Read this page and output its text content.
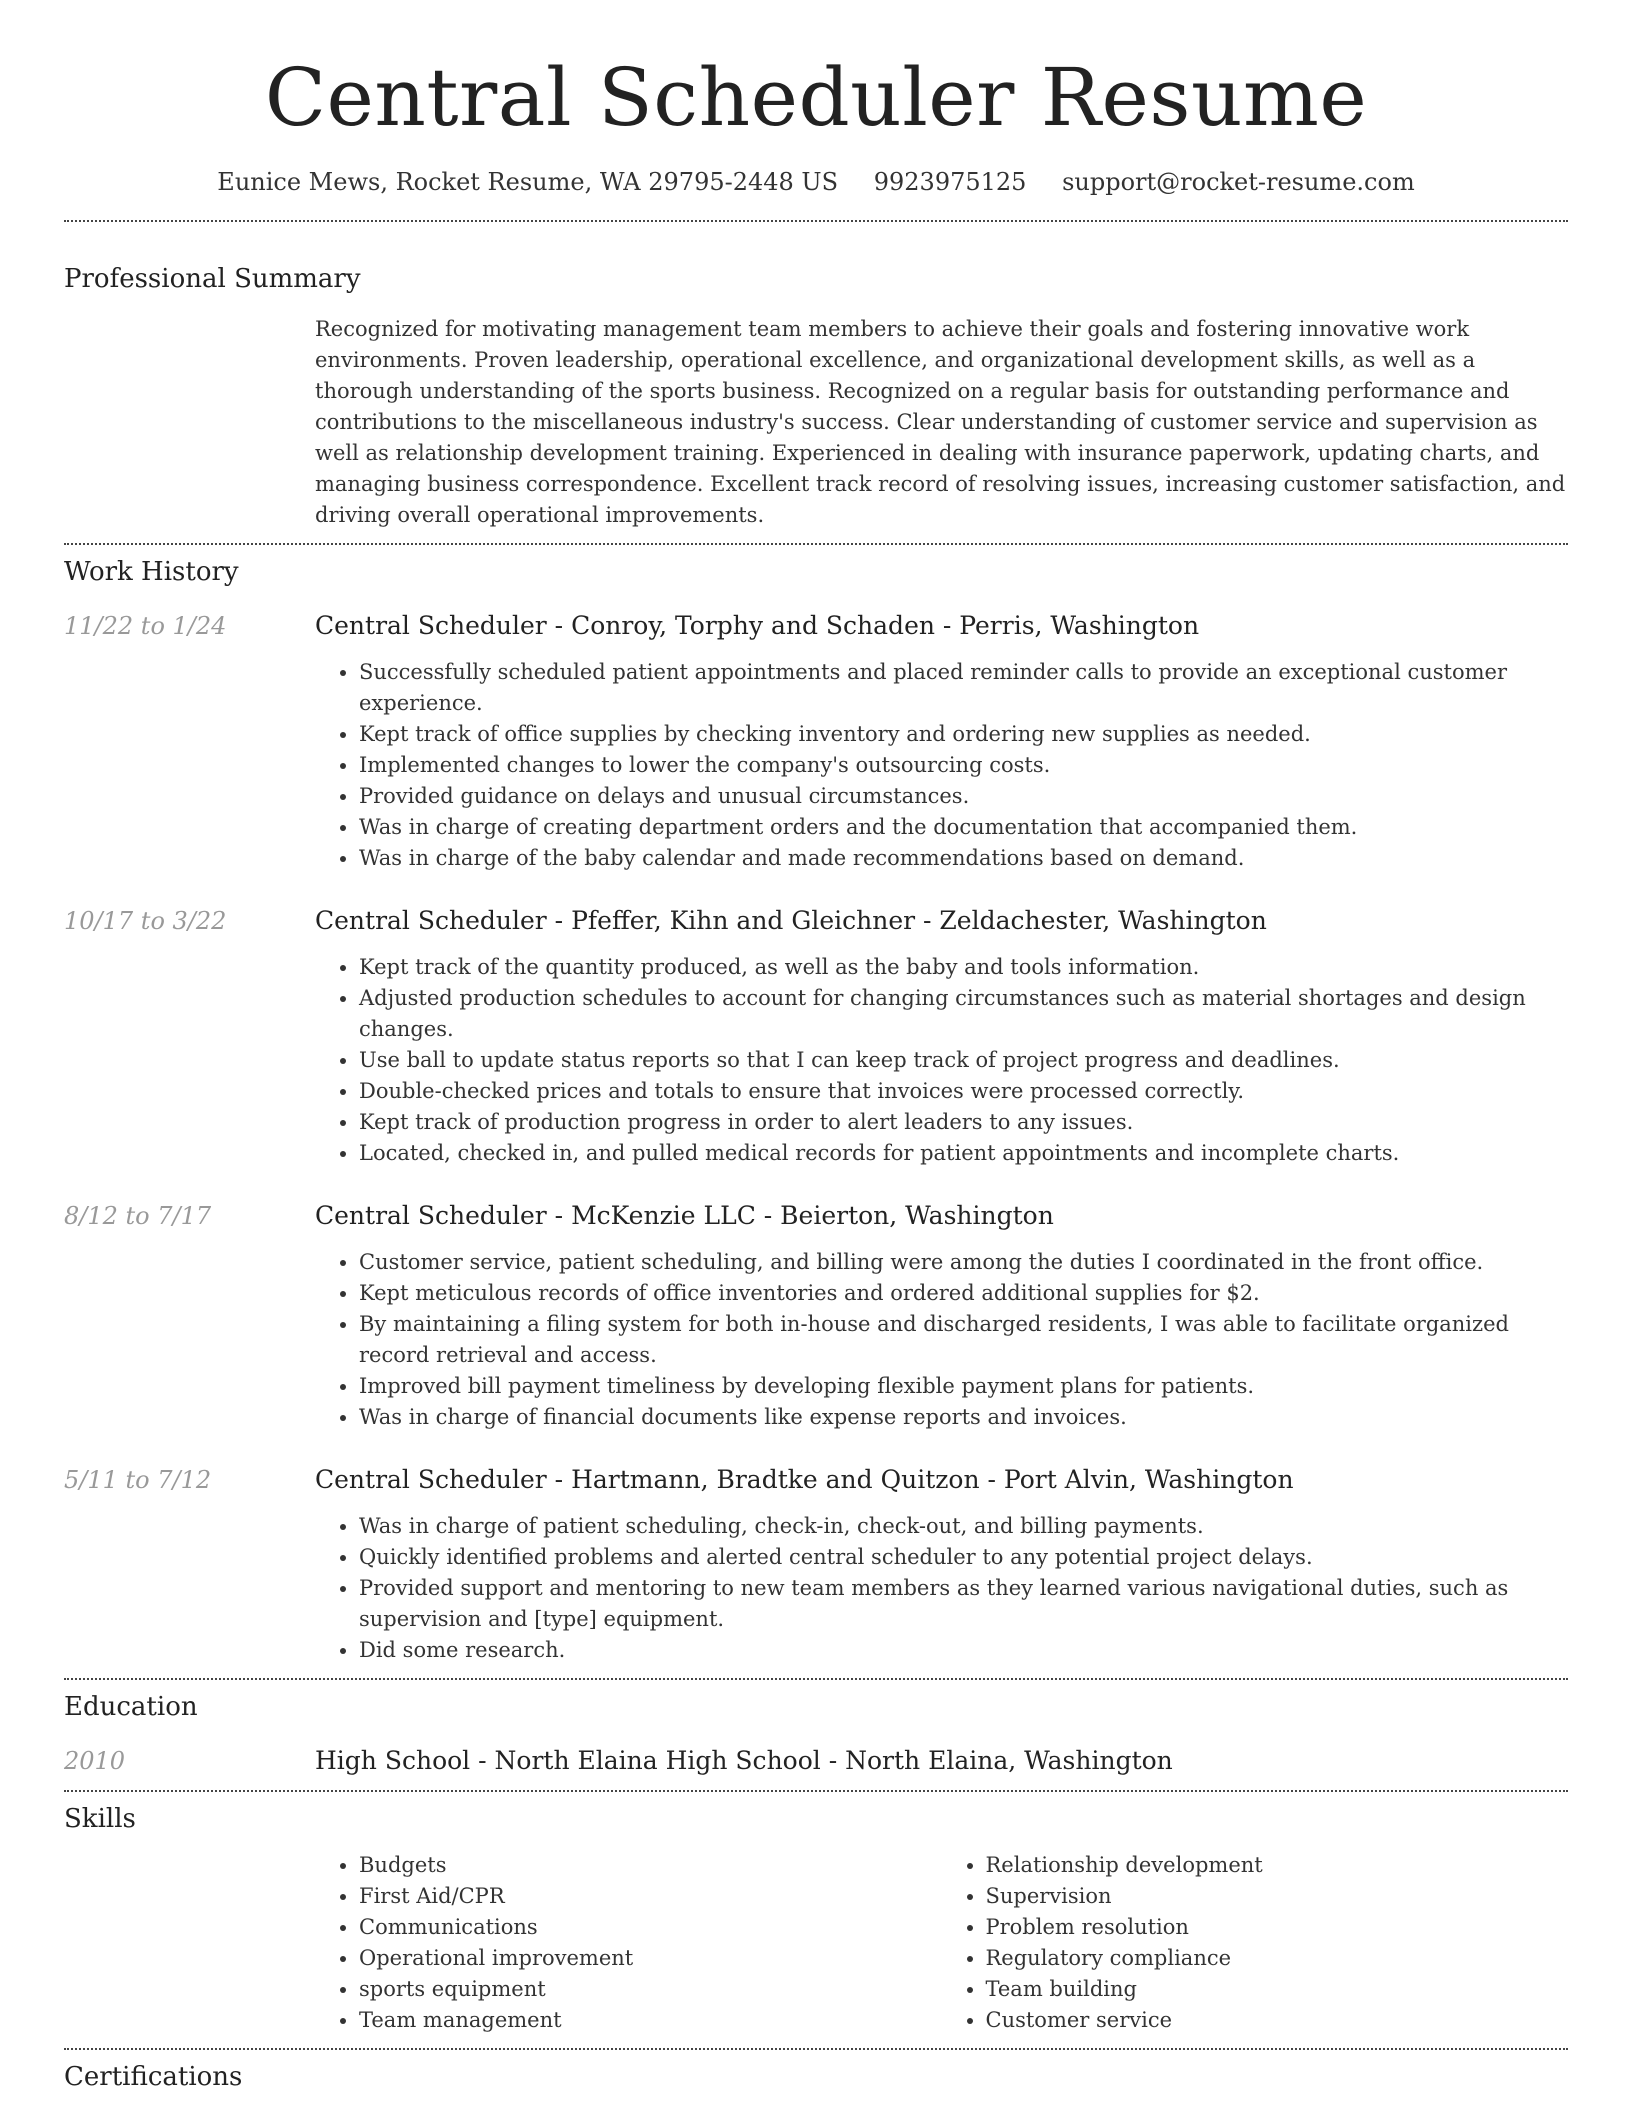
Central Scheduler Resume
Eunice Mews, Rocket Resume, WA 29795-2448 US 9923975125 support@rocket-resume.com
Professional Summary

Recognized for motivating management team members to achieve their goals and fostering innovative work environments. Proven leadership, operational excellence, and organizational development skills, as well as a thorough understanding of the sports business. Recognized on a regular basis for outstanding performance and contributions to the miscellaneous industry's success. Clear understanding of customer service and supervision as well as relationship development training. Experienced in dealing with insurance paperwork, updating charts, and managing business correspondence. Excellent track record of resolving issues, increasing customer satisfaction, and driving overall operational improvements.

Work History
11/22 to 1/24	Central Scheduler - Conroy, Torphy and Schaden - Perris, Washington
• Successfully scheduled patient appointments and placed reminder calls to provide an exceptional customer experience.
• Kept track of office supplies by checking inventory and ordering new supplies as needed.
• Implemented changes to lower the company's outsourcing costs.
• Provided guidance on delays and unusual circumstances.
• Was in charge of creating department orders and the documentation that accompanied them.
• Was in charge of the baby calendar and made recommendations based on demand.
10/17 to 3/22	Central Scheduler - Pfeffer, Kihn and Gleichner - Zeldachester, Washington
• Kept track of the quantity produced, as well as the baby and tools information.
• Adjusted production schedules to account for changing circumstances such as material shortages and design changes.
• Use ball to update status reports so that I can keep track of project progress and deadlines.
• Double-checked prices and totals to ensure that invoices were processed correctly.
• Kept track of production progress in order to alert leaders to any issues.
• Located, checked in, and pulled medical records for patient appointments and incomplete charts.
8/12 to 7/17	Central Scheduler - McKenzie LLC - Beierton, Washington
• Customer service, patient scheduling, and billing were among the duties I coordinated in the front office.
• Kept meticulous records of office inventories and ordered additional supplies for $2.
• By maintaining a filing system for both in-house and discharged residents, I was able to facilitate organized record retrieval and access.
• Improved bill payment timeliness by developing flexible payment plans for patients.
• Was in charge of financial documents like expense reports and invoices.
5/11 to 7/12	Central Scheduler - Hartmann, Bradtke and Quitzon - Port Alvin, Washington
• Was in charge of patient scheduling, check-in, check-out, and billing payments.
• Quickly identified problems and alerted central scheduler to any potential project delays.
• Provided support and mentoring to new team members as they learned various navigational duties, such as supervision and [type] equipment.
• Did some research.
Education
2010	High School - North Elaina High School - North Elaina, Washington
Skills
• Budgets
• First Aid/CPR
• Communications
• Operational improvement
• sports equipment
• Team management
• Relationship development
• Supervision
• Problem resolution
• Regulatory compliance
• Team building
• Customer service
Certifications
